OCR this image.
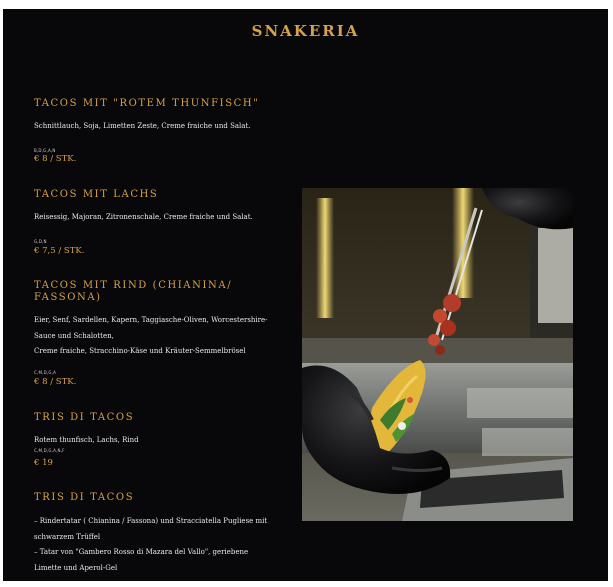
SNAKERIA
TACOS MIT "ROTEM THUNFISCH"
Schnittlauch, Soja, Limetten Zeste, Creme fraiche und Salat.
B,D,G,A,N
€ 8 / STK.
TACOS MIT LACHS
Reisessig, Majoran, Zitronenschale, Creme fraiche und Salat.
G,D,N
€ 7,5 / STK.
TACOS MIT RIND (CHIANINA/
FASSONA)
Eier, Senf, Sardellen, Kapern, Taggiasche-Oliven, Worcestershire-
Sauce und Schalotten,
Creme fraiche, Stracchino-Käse und Kräuter-Semmelbrösel
C,M,D,G,A
€ 8 / STK.
TRIS DI TACOS
Rotem thunfisch, Lachs, Rind
C,M,D,G,A,N,F
€ 19
TRIS DI TACOS
– Rindertatar ( Chianina / Fassona) und Stracciatella Pugliese mit
schwarzem Trüffel
– Tatar von "Gambero Rosso di Mazara del Vallo", geriebene
Limette und Aperol-Gel
